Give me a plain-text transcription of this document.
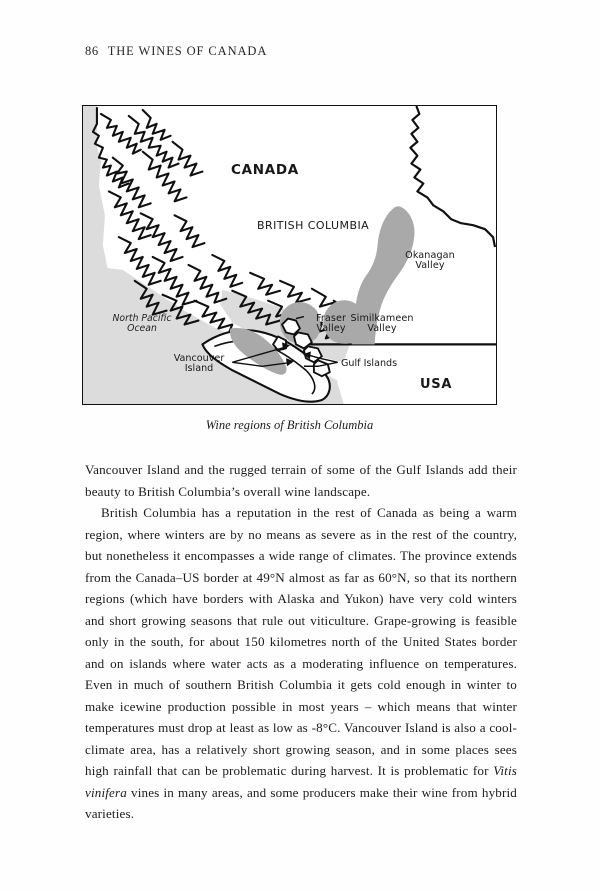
86 THE WINES OF CANADA
CANADA
BRITISH COLUMBIA
Okanagan
Valley
Similkameen
Valley
Fraser
Valley
Gulf Islands
Vancouver
Island
North Pacific
Ocean
USA
Wine regions of British Columbia

Vancouver Island and the rugged terrain of some of the Gulf Islands add their beauty to British Columbia’s overall wine landscape.

British Columbia has a reputation in the rest of Canada as being a warm region, where winters are by no means as severe as in the rest of the country, but nonetheless it encompasses a wide range of climates. The province extends from the Canada–US border at 49°N almost as far as 60°N, so that its northern regions (which have borders with Alaska and Yukon) have very cold winters and short growing seasons that rule out viticulture. Grape-growing is feasible only in the south, for about 150 kilometres north of the United States border and on islands where water acts as a moderating influence on temperatures. Even in much of southern British Columbia it gets cold enough in winter to make icewine production possible in most years – which means that winter temperatures must drop at least as low as -8°C. Vancouver Island is also a cool-climate area, has a relatively short growing season, and in some places sees high rainfall that can be problematic during harvest. It is problematic for Vitis vinifera vines in many areas, and some producers make their wine from hybrid varieties.
